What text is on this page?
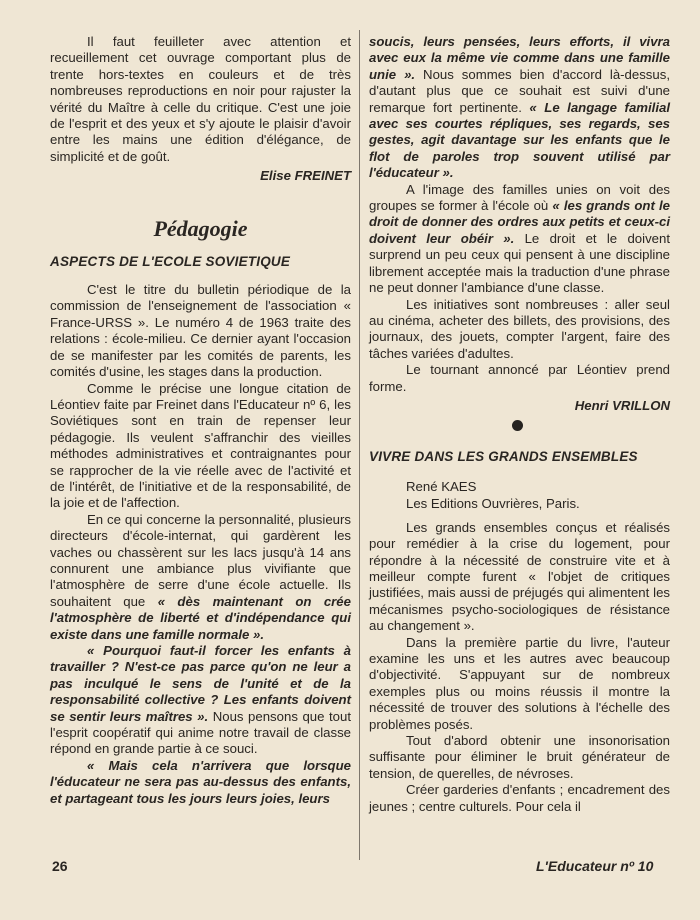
Il faut feuilleter avec attention et recueillement cet ouvrage comportant plus de trente hors-textes en couleurs et de très nombreuses reproductions en noir pour rajuster la vérité du Maître à celle du critique. C'est une joie de l'esprit et des yeux et s'y ajoute le plaisir d'avoir entre les mains une édition d'élégance, de simplicité et de goût.

Elise FREINET

Pédagogie
ASPECTS DE L'ECOLE SOVIETIQUE

C'est le titre du bulletin périodique de la commission de l'enseignement de l'association « France-URSS ». Le numéro 4 de 1963 traite des relations : école-milieu. Ce dernier ayant l'occasion de se manifester par les comités de parents, les comités d'usine, les stages dans la production.

Comme le précise une longue citation de Léontiev faite par Freinet dans l'Educateur nº 6, les Soviétiques sont en train de repenser leur pédagogie. Ils veulent s'affranchir des vieilles méthodes administratives et contraignantes pour se rapprocher de la vie réelle avec de l'activité et de l'intérêt, de l'initiative et de la responsabilité, de la joie et de l'affection.

En ce qui concerne la personnalité, plusieurs directeurs d'école-internat, qui gardèrent les vaches ou chassèrent sur les lacs jusqu'à 14 ans connurent une ambiance plus vivifiante que l'atmosphère de serre d'une école actuelle. Ils souhaitent que « dès maintenant on crée l'atmosphère de liberté et d'indépendance qui existe dans une famille normale ».

« Pourquoi faut-il forcer les enfants à travailler ? N'est-ce pas parce qu'on ne leur a pas inculqué le sens de l'unité et de la responsabilité collective ? Les enfants doivent se sentir leurs maîtres ». Nous pensons que tout l'esprit coopératif qui anime notre travail de classe répond en grande partie à ce souci.

« Mais cela n'arrivera que lorsque l'éducateur ne sera pas au-dessus des enfants, et partageant tous les jours leurs joies, leurs

soucis, leurs pensées, leurs efforts, il vivra avec eux la même vie comme dans une famille unie ». Nous sommes bien d'accord là-dessus, d'autant plus que ce souhait est suivi d'une remarque fort pertinente. « Le langage familial avec ses courtes répliques, ses regards, ses gestes, agit davantage sur les enfants que le flot de paroles trop souvent utilisé par l'éducateur ».

A l'image des familles unies on voit des groupes se former à l'école où « les grands ont le droit de donner des ordres aux petits et ceux-ci doivent leur obéir ». Le droit et le doivent surprend un peu ceux qui pensent à une discipline librement acceptée mais la traduction d'une phrase ne peut donner l'ambiance d'une classe.

Les initiatives sont nombreuses : aller seul au cinéma, acheter des billets, des provisions, des journaux, des jouets, compter l'argent, faire des tâches variées d'adultes.

Le tournant annoncé par Léontiev prend forme.

Henri VRILLON

VIVRE DANS LES GRANDS ENSEMBLES
René KAES
Les Editions Ouvrières, Paris.

Les grands ensembles conçus et réalisés pour remédier à la crise du logement, pour répondre à la nécessité de construire vite et à meilleur compte furent « l'objet de critiques justifiées, mais aussi de préjugés qui alimentent les mécanismes psycho-sociologiques de résistance au changement ».

Dans la première partie du livre, l'auteur examine les uns et les autres avec beaucoup d'objectivité. S'appuyant sur de nombreux exemples plus ou moins réussis il montre la nécessité de trouver des solutions à l'échelle des problèmes posés.

Tout d'abord obtenir une insonorisation suffisante pour éliminer le bruit générateur de tension, de querelles, de névroses.

Créer garderies d'enfants ; encadrement des jeunes ; centre culturels. Pour cela il

26	L'Educateur nº 10
